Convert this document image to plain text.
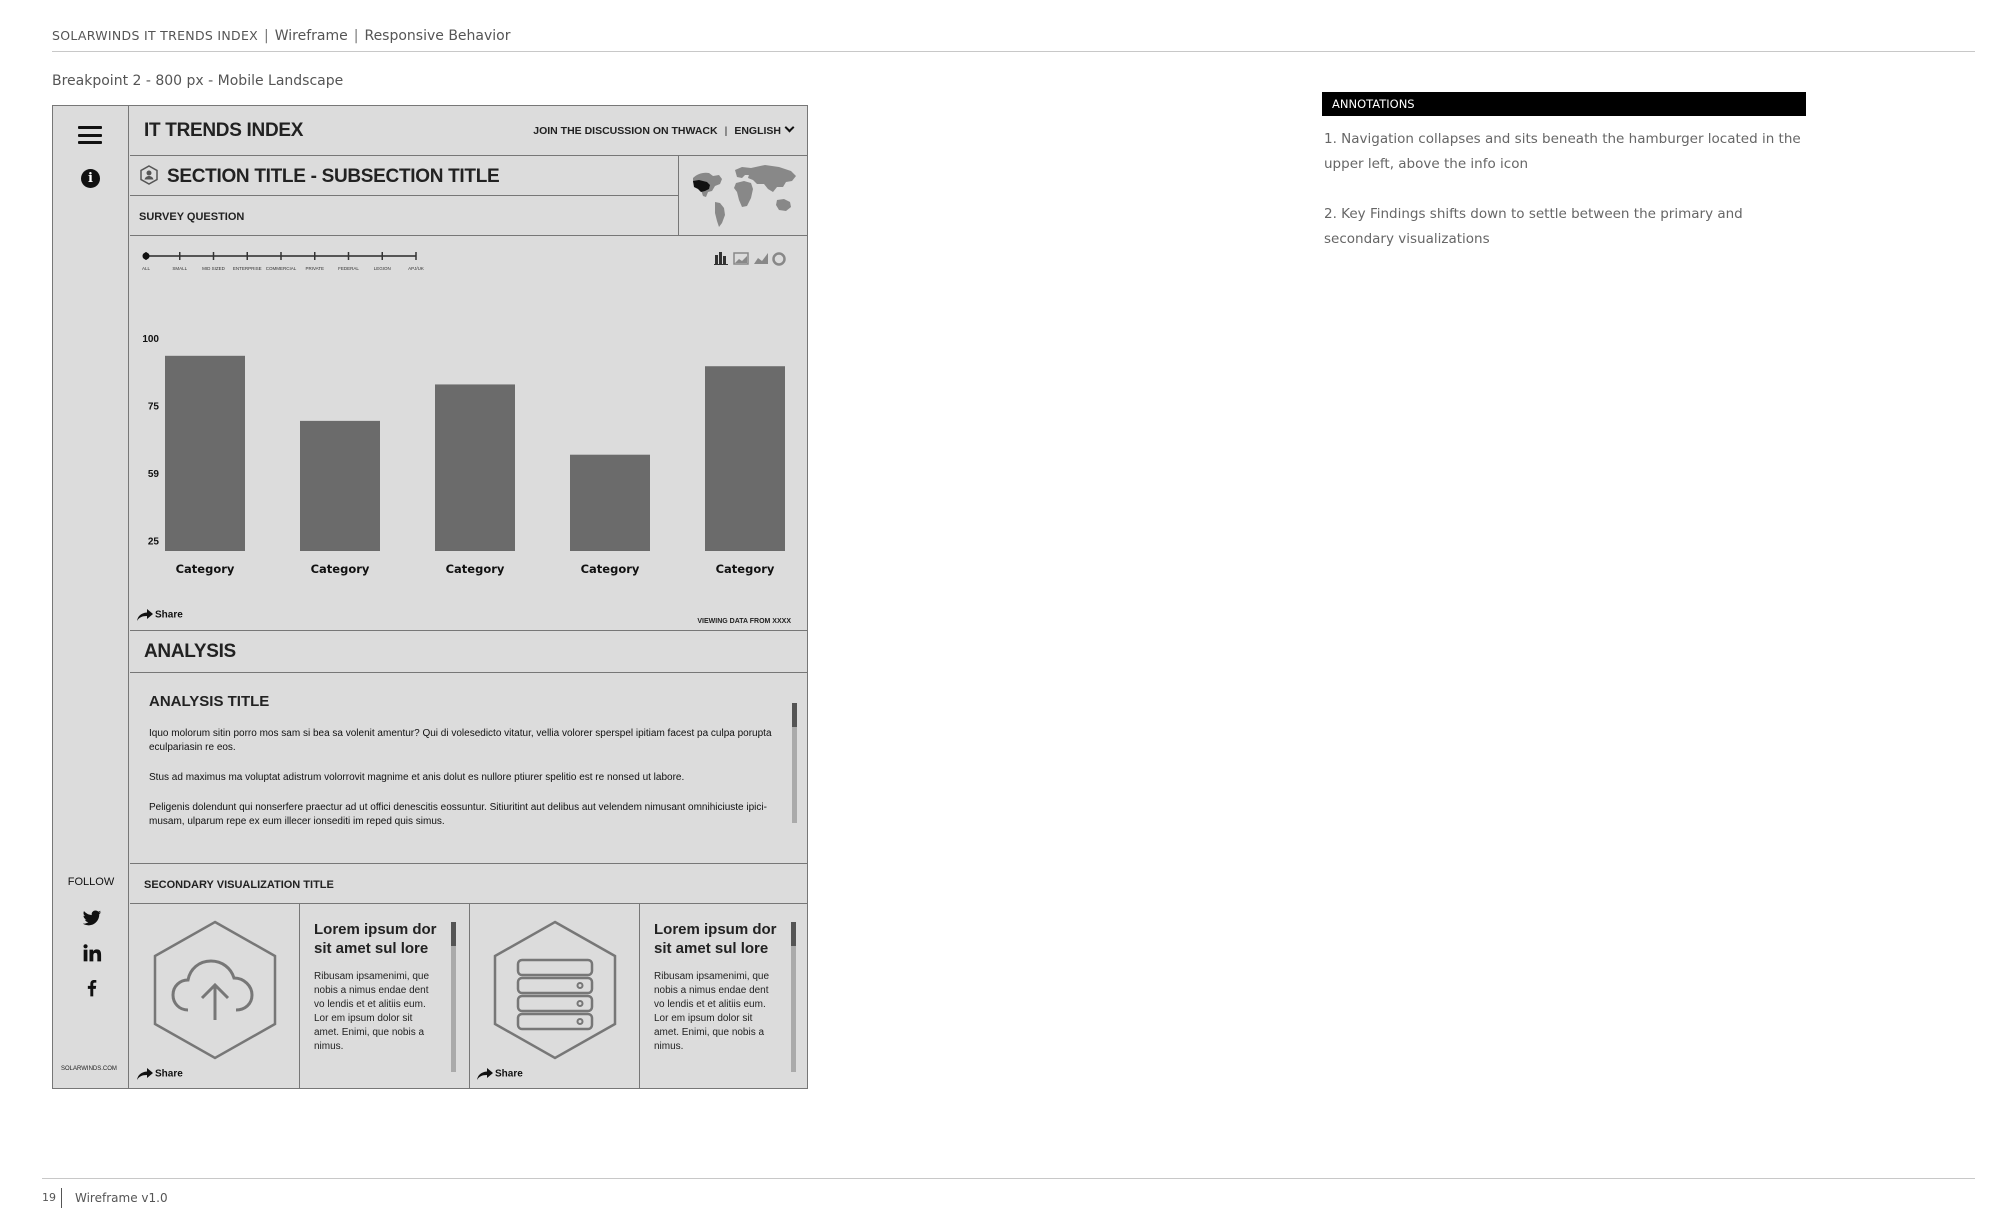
SOLARWINDS IT TRENDS INDEX | Wireframe | Responsive Behavior
Breakpoint 2 - 800 px - Mobile Landscape
i
FOLLOW
SOLARWINDS.COM
IT TRENDS INDEX	JOIN THE DISCUSSION ON THWACK | ENGLISH
SECTION TITLE - SUBSECTION TITLE
SURVEY QUESTION
ALL	SMALL	MID SIZED ENTERPRISE COMMERCIAL PRIVATE	FEDERAL	LEGION	APJ/UK
100
75
59
25
Category	Category	Category	Category	Category
Share
VIEWING DATA FROM XXXX
ANALYSIS
ANALYSIS TITLE
Iquo molorum sitin porro mos sam si bea sa volenit amentur? Qui di volesedicto vitatur, vellia volorer sperspel ipitiam facest pa culpa porupta eculpariasin re eos.
Stus ad maximus ma voluptat adistrum volorrovit magnime et anis dolut es nullore ptiurer spelitio est re nonsed ut labore.
Peligenis dolendunt qui nonserfere praectur ad ut offici denescitis eossuntur. Sitiuritint aut delibus aut velendem nimusant omnihiciuste ipici-musam, ulparum repe ex eum illecer ionsediti im reped quis simus.
SECONDARY VISUALIZATION TITLE
Share
Lorem ipsum dor sit amet sul lore

Ribusam ipsamenimi, que nobis a nimus endae dent vo lendis et et alitiis eum. Lor em ipsum dolor sit amet. Enimi, que nobis a nimus.

Share
Lorem ipsum dor sit amet sul lore

Ribusam ipsamenimi, que nobis a nimus endae dent vo lendis et et alitiis eum. Lor em ipsum dolor sit amet. Enimi, que nobis a nimus.

ANNOTATIONS
1. Navigation collapses and sits beneath the hamburger located in the upper left, above the info icon
2. Key Findings shifts down to settle between the primary and secondary visualizations
19 Wireframe v1.0
